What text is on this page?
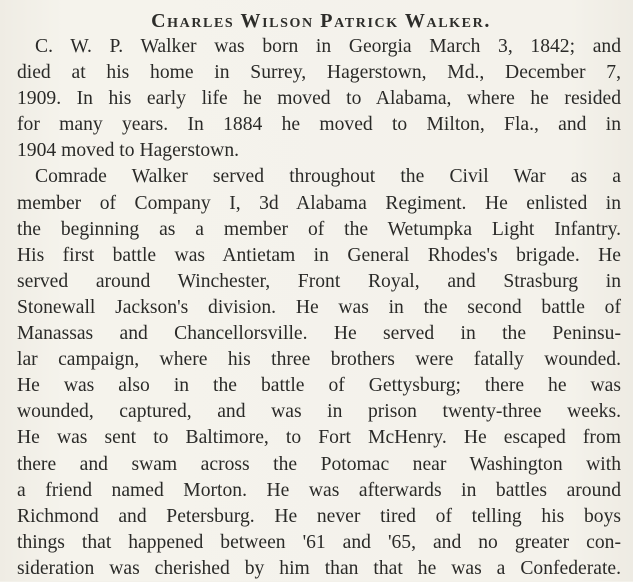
Charles Wilson Patrick Walker.

C. W. P. Walker was born in Georgia March 3, 1842; and
died at his home in Surrey, Hagerstown, Md., December 7,
1909. In his early life he moved to Alabama, where he resided
for many years. In 1884 he moved to Milton, Fla., and in
1904 moved to Hagerstown.

Comrade Walker served throughout the Civil War as a
member of Company I, 3d Alabama Regiment. He enlisted in
the beginning as a member of the Wetumpka Light Infantry.
His first battle was Antietam in General Rhodes's brigade. He
served around Winchester, Front Royal, and Strasburg in
Stonewall Jackson's division. He was in the second battle of
Manassas and Chancellorsville. He served in the Peninsu-
lar campaign, where his three brothers were fatally wounded.
He was also in the battle of Gettysburg; there he was
wounded, captured, and was in prison twenty-three weeks.
He was sent to Baltimore, to Fort McHenry. He escaped from
there and swam across the Potomac near Washington with
a friend named Morton. He was afterwards in battles around
Richmond and Petersburg. He never tired of telling his boys
things that happened between '61 and '65, and no greater con-
sideration was cherished by him than that he was a Confederate.
